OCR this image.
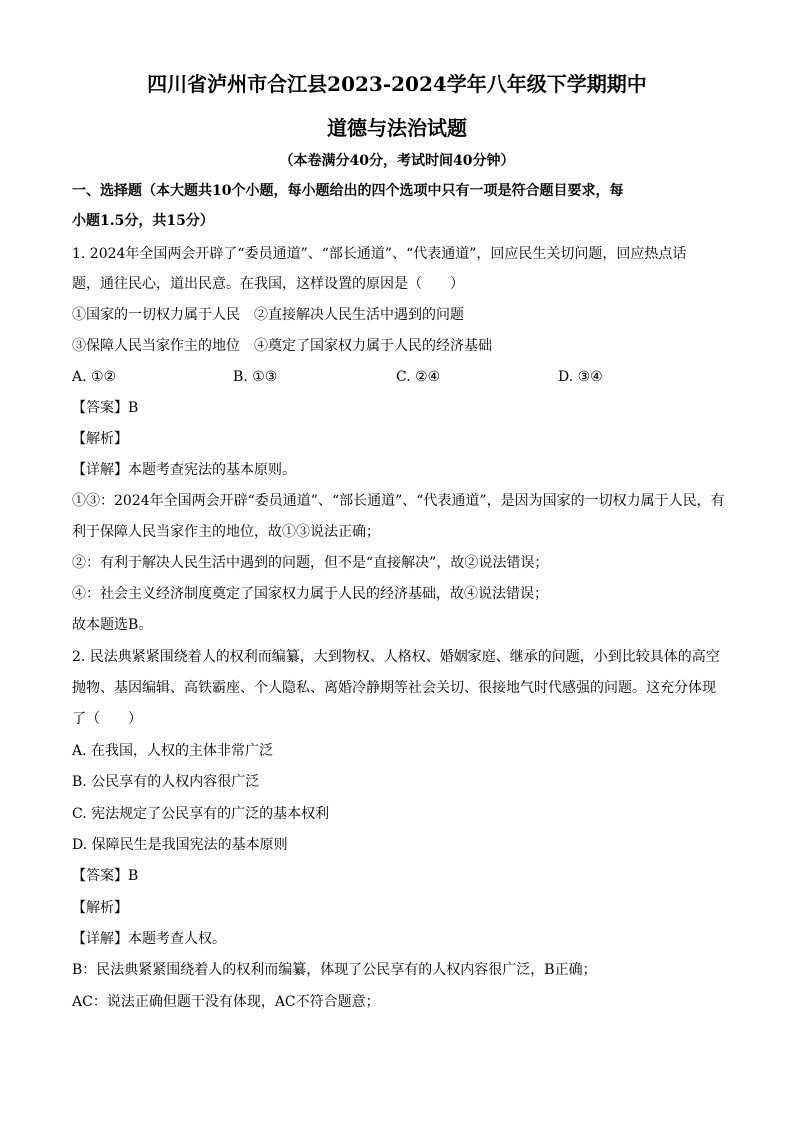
四川省泸州市合江县2023-2024学年八年级下学期期中
道德与法治试题
（本卷满分40分，考试时间40分钟）
一、选择题（本大题共10个小题，每小题给出的四个选项中只有一项是符合题目要求，每
小题1.5分，共15分）
1. 2024年全国两会开辟了“委员通道”、“部长通道”、“代表通道”，回应民生关切问题，回应热点话
题，通往民心，道出民意。在我国，这样设置的原因是（　　）
①国家的一切权力属于人民　②直接解决人民生活中遇到的问题
③保障人民当家作主的地位　④奠定了国家权力属于人民的经济基础
A. ①②	B. ①③	C. ②④	D. ③④
【答案】B
【解析】
【详解】本题考查宪法的基本原则。
①③：2024年全国两会开辟“委员通道”、“部长通道”、“代表通道”，是因为国家的一切权力属于人民，有
利于保障人民当家作主的地位，故①③说法正确；
②：有利于解决人民生活中遇到的问题，但不是“直接解决”，故②说法错误；
④：社会主义经济制度奠定了国家权力属于人民的经济基础，故④说法错误；
故本题选B。
2. 民法典紧紧围绕着人的权利而编纂，大到物权、人格权、婚姻家庭、继承的问题，小到比较具体的高空
抛物、基因编辑、高铁霸座、个人隐私、离婚冷静期等社会关切、很接地气时代感强的问题。这充分体现
了（　　）
A. 在我国，人权的主体非常广泛
B. 公民享有的人权内容很广泛
C. 宪法规定了公民享有的广泛的基本权利
D. 保障民生是我国宪法的基本原则
【答案】B
【解析】
【详解】本题考查人权。
B：民法典紧紧围绕着人的权利而编纂，体现了公民享有的人权内容很广泛，B正确；
AC：说法正确但题干没有体现，AC不符合题意；
